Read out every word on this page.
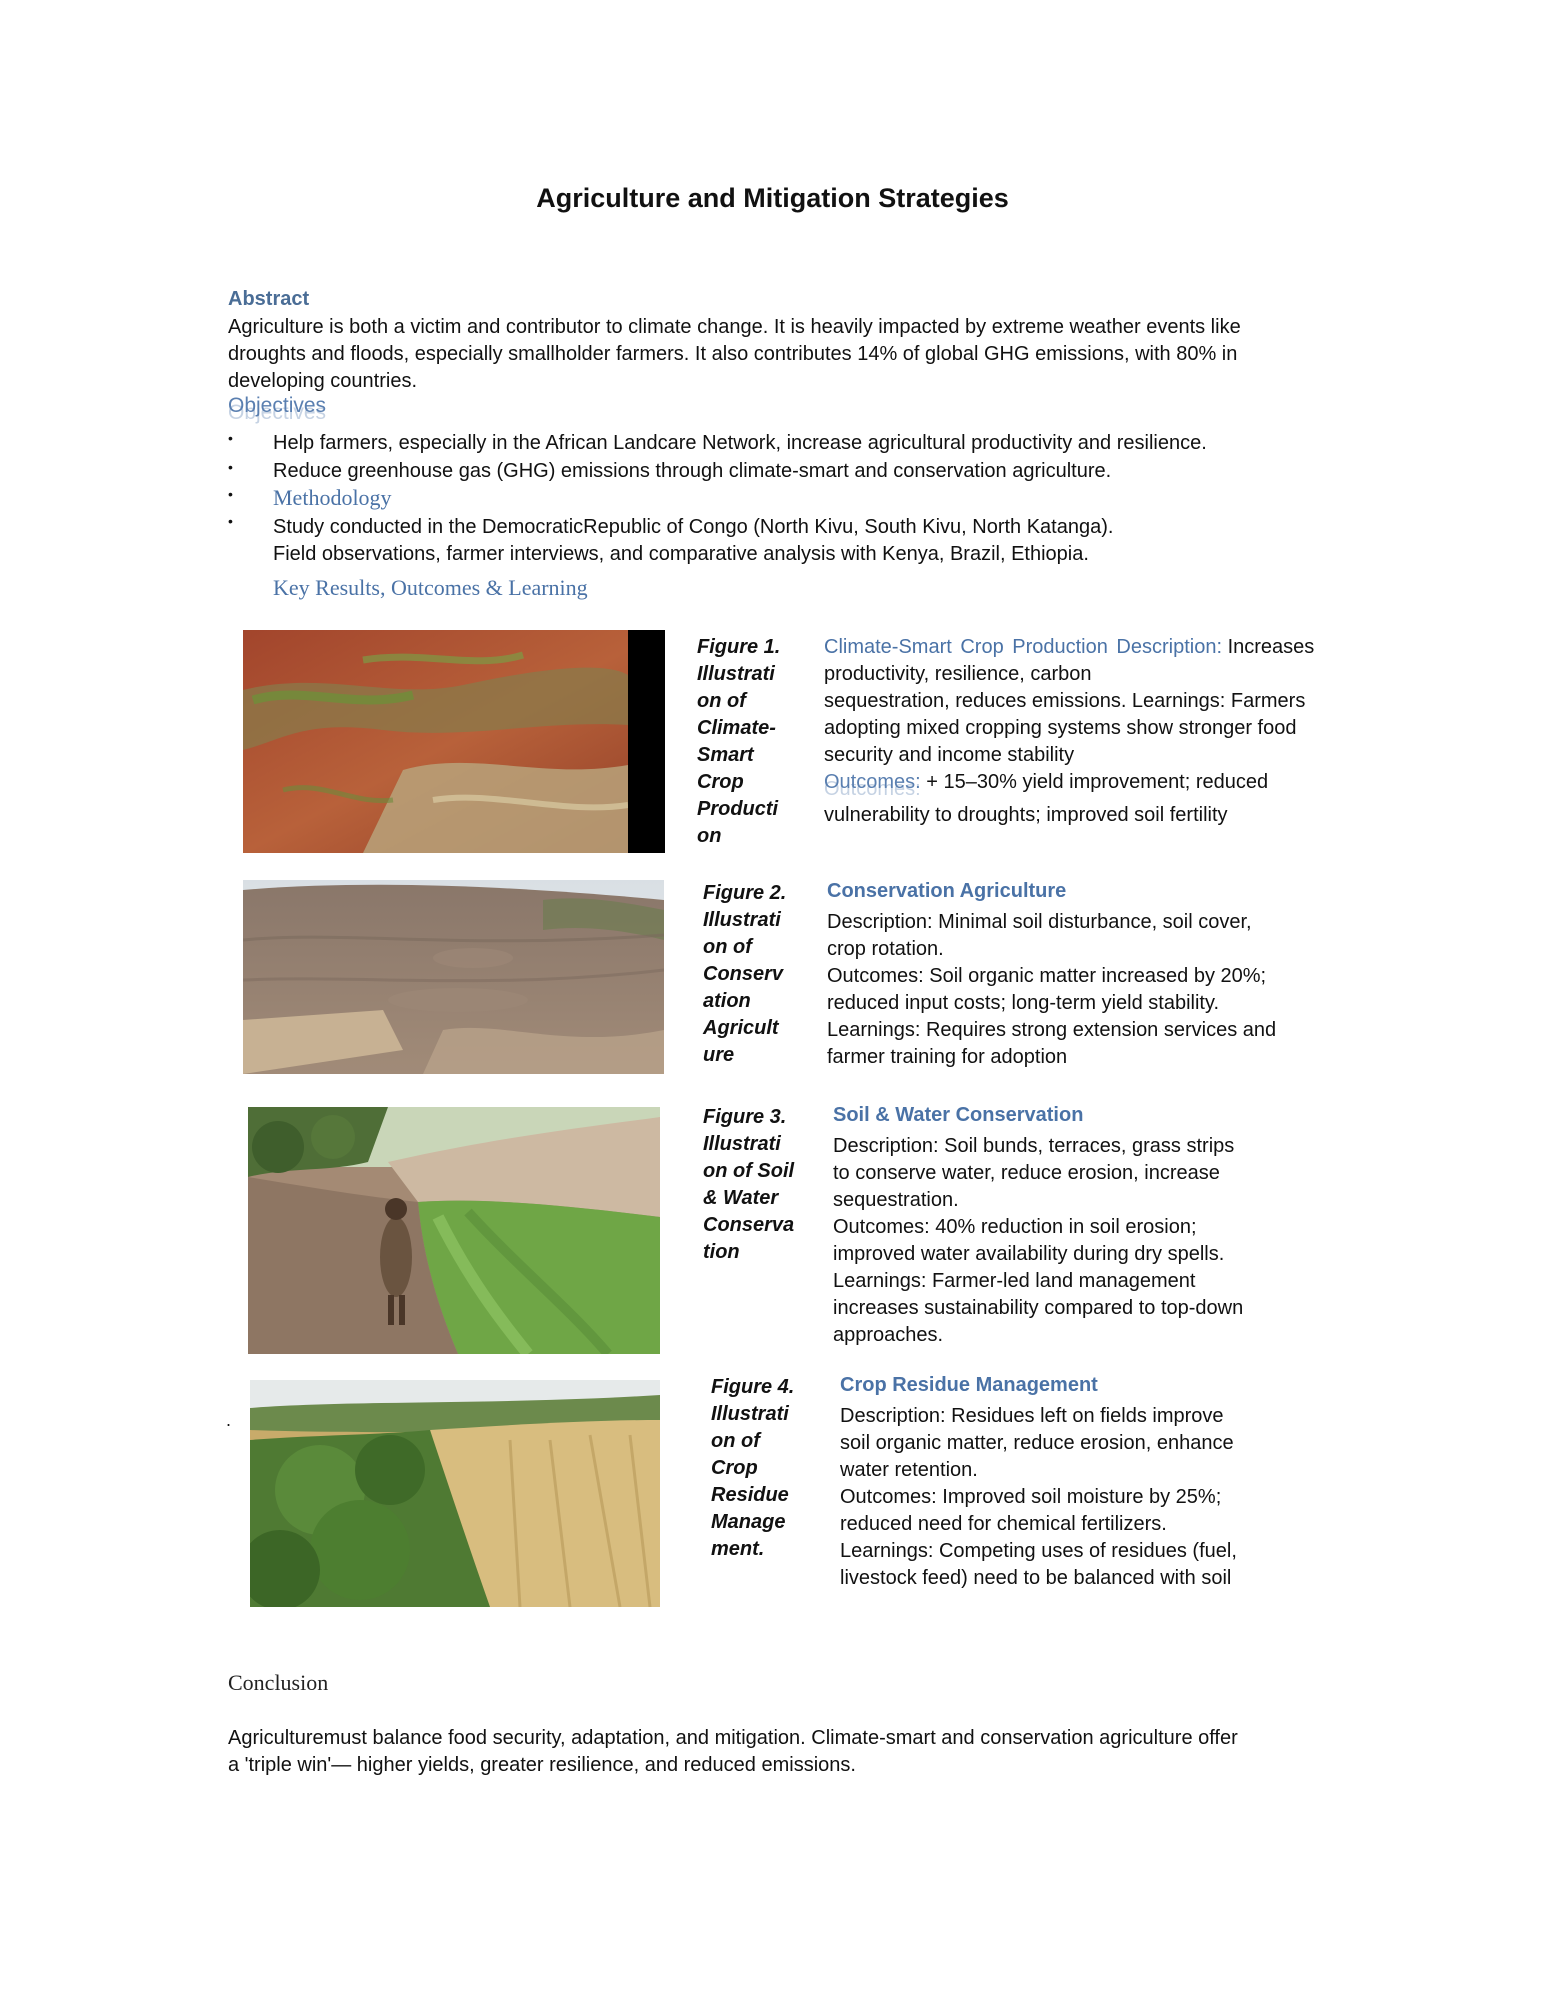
Agriculture and Mitigation Strategies
Abstract
Agriculture is both a victim and contributor to climate change. It is heavily impacted by extreme weather events like
droughts and floods, especially smallholder farmers. It also contributes 14% of global GHG emissions, with 80% in
developing countries.
Objectives
•
•
•
•
Help farmers, especially in the African Landcare Network, increase agricultural productivity and resilience.
Reduce greenhouse gas (GHG) emissions through climate-smart and conservation agriculture.
Methodology
Study conducted in the DemocraticRepublic of Congo (North Kivu, South Kivu, North Katanga).
Field observations, farmer interviews, and comparative analysis with Kenya, Brazil, Ethiopia.
Key Results, Outcomes & Learning
Figure 1.
Illustrati
on of
Climate-
Smart
Crop
Producti
on
Climate-Smart Crop Production Description: Increases
productivity, resilience, carbon
sequestration, reduces emissions. Learnings: Farmers
adopting mixed cropping systems show stronger food
security and income stability
Outcomes: + 15–30% yield improvement; reduced
vulnerability to droughts; improved soil fertility
Figure 2.
Illustrati
on of
Conserv
ation
Agricult
ure
Conservation Agriculture
Description: Minimal soil disturbance, soil cover,
crop rotation.
Outcomes: Soil organic matter increased by 20%;
reduced input costs; long-term yield stability.
Learnings: Requires strong extension services and
farmer training for adoption
Figure 3.
Illustrati
on of Soil
& Water
Conserva
tion
Soil & Water Conservation
Description: Soil bunds, terraces, grass strips
to conserve water, reduce erosion, increase
sequestration.
Outcomes: 40% reduction in soil erosion;
improved water availability during dry spells.
Learnings: Farmer-led land management
increases sustainability compared to top-down
approaches.
.
Figure 4.
Illustrati
on of
Crop
Residue
Manage
ment.
Crop Residue Management
Description: Residues left on fields improve
soil organic matter, reduce erosion, enhance
water retention.
Outcomes: Improved soil moisture by 25%;
reduced need for chemical fertilizers.
Learnings: Competing uses of residues (fuel,
livestock feed) need to be balanced with soil
Conclusion
Agriculturemust balance food security, adaptation, and mitigation. Climate-smart and conservation agriculture offer
a 'triple win'— higher yields, greater resilience, and reduced emissions.
